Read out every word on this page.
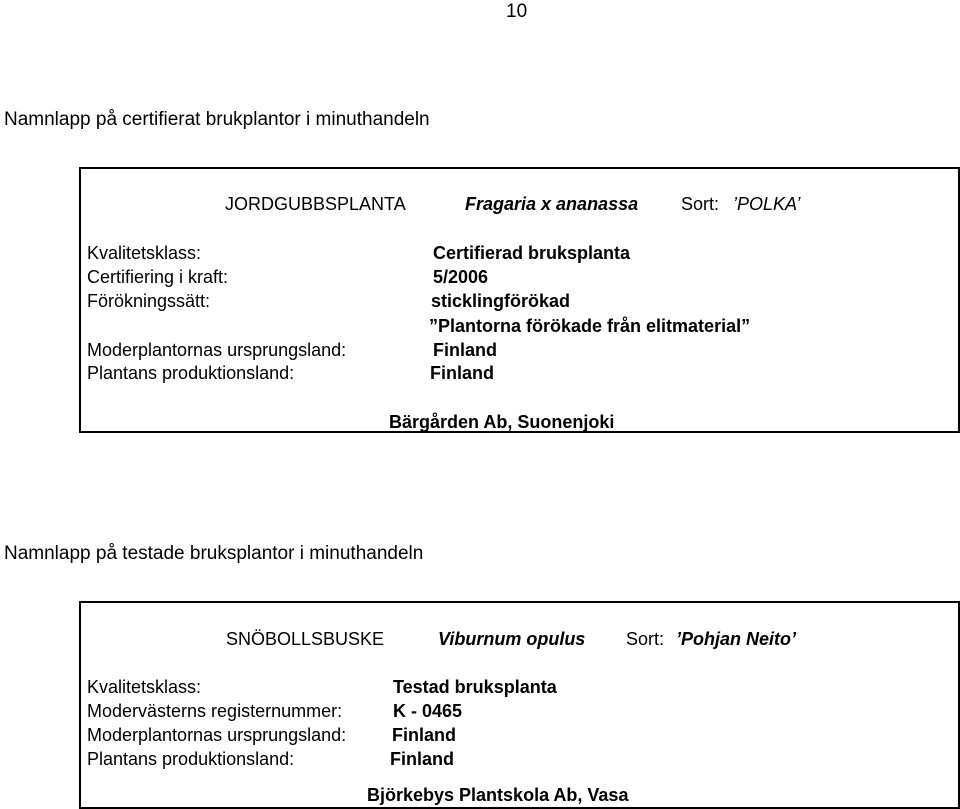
10
Namnlapp på certifierat brukplantor i minuthandeln
JORDGUBBSPLANTA	Fragaria x ananassa Sort: ’POLKA’
Kvalitetsklass:	Certifierad bruksplanta
Certifiering i kraft:	5/2006
Förökningssätt:	sticklingförökad
”Plantorna förökade från elitmaterial”
Moderplantornas ursprungsland:	Finland
Plantans produktionsland:	Finland
Bärgården Ab, Suonenjoki
Namnlapp på testade bruksplantor i minuthandeln
SNÖBOLLSBUSKE	Viburnum opulus Sort: ’Pohjan Neito’
Kvalitetsklass:	Testad bruksplanta
Modervästerns registernummer:	K - 0465
Moderplantornas ursprungsland:	Finland
Plantans produktionsland:	Finland
Björkebys Plantskola Ab, Vasa
